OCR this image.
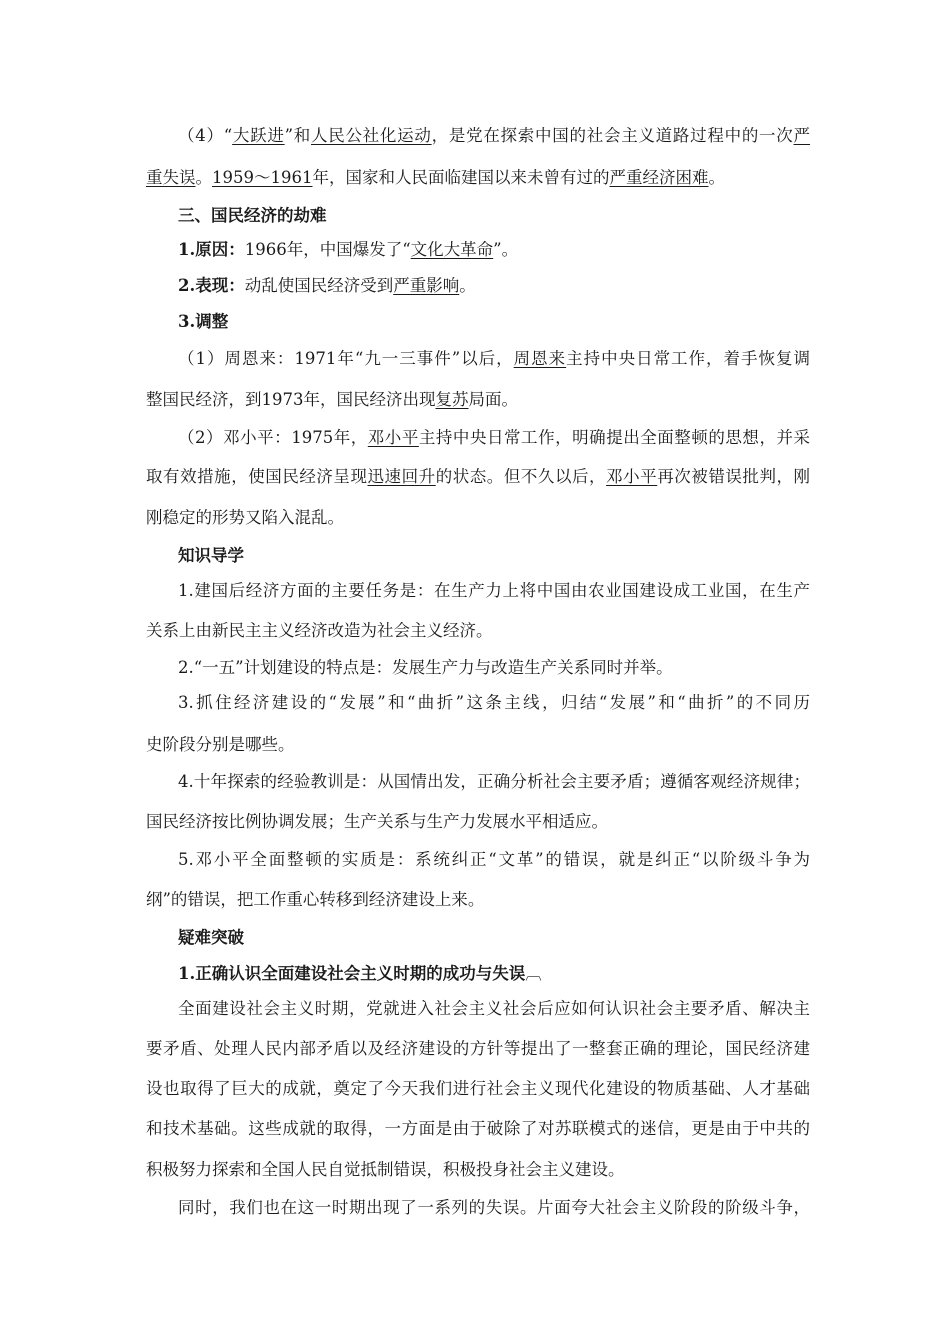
（4）“大跃进”和人民公社化运动，是党在探索中国的社会主义道路过程中的一次严
重失误。1959～1961年，国家和人民面临建国以来未曾有过的严重经济困难。
三、国民经济的劫难
1.原因：1966年，中国爆发了“文化大革命”。
2.表现：动乱使国民经济受到严重影响。
3.调整
（1）周恩来：1971年“九一三事件”以后，周恩来主持中央日常工作，着手恢复调
整国民经济，到1973年，国民经济出现复苏局面。
（2）邓小平：1975年，邓小平主持中央日常工作，明确提出全面整顿的思想，并采
取有效措施，使国民经济呈现迅速回升的状态。但不久以后，邓小平再次被错误批判，刚
刚稳定的形势又陷入混乱。
知识导学
1.建国后经济方面的主要任务是：在生产力上将中国由农业国建设成工业国，在生产
关系上由新民主主义经济改造为社会主义经济。
2.“一五”计划建设的特点是：发展生产力与改造生产关系同时并举。
3.抓住经济建设的“发展”和“曲折”这条主线，归结“发展”和“曲折”的不同历
史阶段分别是哪些。
4.十年探索的经验教训是：从国情出发，正确分析社会主要矛盾；遵循客观经济规律；
国民经济按比例协调发展；生产关系与生产力发展水平相适应。
5.邓小平全面整顿的实质是：系统纠正“文革”的错误，就是纠正“以阶级斗争为
纲”的错误，把工作重心转移到经济建设上来。
疑难突破
1.正确认识全面建设社会主义时期的成功与失误︹
全面建设社会主义时期，党就进入社会主义社会后应如何认识社会主要矛盾、解决主
要矛盾、处理人民内部矛盾以及经济建设的方针等提出了一整套正确的理论，国民经济建
设也取得了巨大的成就，奠定了今天我们进行社会主义现代化建设的物质基础、人才基础
和技术基础。这些成就的取得，一方面是由于破除了对苏联模式的迷信，更是由于中共的
积极努力探索和全国人民自觉抵制错误，积极投身社会主义建设。
同时，我们也在这一时期出现了一系列的失误。片面夸大社会主义阶段的阶级斗争，
